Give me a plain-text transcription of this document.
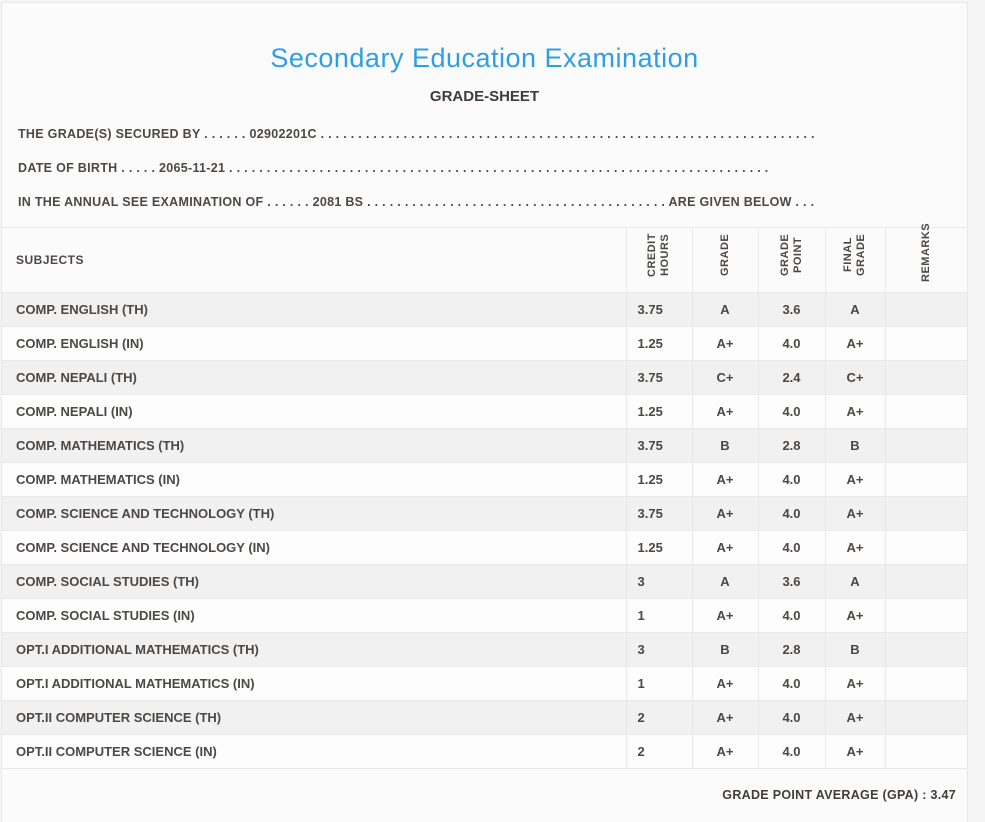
Secondary Education Examination
GRADE-SHEET

THE GRADE(S) SECURED BY . . . . . . 02902201C . . . . . . . . . . . . . . . . . . . . . . . . . . . . . . . . . . . . . . . . . . . . . . . . . . . . . . . . . . . . . . . . . .

DATE OF BIRTH . . . . . 2065-11-21 . . . . . . . . . . . . . . . . . . . . . . . . . . . . . . . . . . . . . . . . . . . . . . . . . . . . . . . . . . . . . . . . . . . . . . . .

IN THE ANNUAL SEE EXAMINATION OF . . . . . . 2081 BS . . . . . . . . . . . . . . . . . . . . . . . . . . . . . . . . . . . . . . . . ARE GIVEN BELOW . . .

SUBJECTS	CREDIT HOURS	GRADE	GRADE POINT	FINAL GRADE	REMARKS
COMP. ENGLISH (TH)	3.75	A	3.6	A	
COMP. ENGLISH (IN)	1.25	A+	4.0	A+	
COMP. NEPALI (TH)	3.75	C+	2.4	C+	
COMP. NEPALI (IN)	1.25	A+	4.0	A+	
COMP. MATHEMATICS (TH)	3.75	B	2.8	B	
COMP. MATHEMATICS (IN)	1.25	A+	4.0	A+	
COMP. SCIENCE AND TECHNOLOGY (TH)	3.75	A+	4.0	A+	
COMP. SCIENCE AND TECHNOLOGY (IN)	1.25	A+	4.0	A+	
COMP. SOCIAL STUDIES (TH)	3	A	3.6	A	
COMP. SOCIAL STUDIES (IN)	1	A+	4.0	A+	
OPT.I ADDITIONAL MATHEMATICS (TH)	3	B	2.8	B	
OPT.I ADDITIONAL MATHEMATICS (IN)	1	A+	4.0	A+	
OPT.II COMPUTER SCIENCE (TH)	2	A+	4.0	A+	
OPT.II COMPUTER SCIENCE (IN)	2	A+	4.0	A+	
GRADE POINT AVERAGE (GPA) : 3.47
